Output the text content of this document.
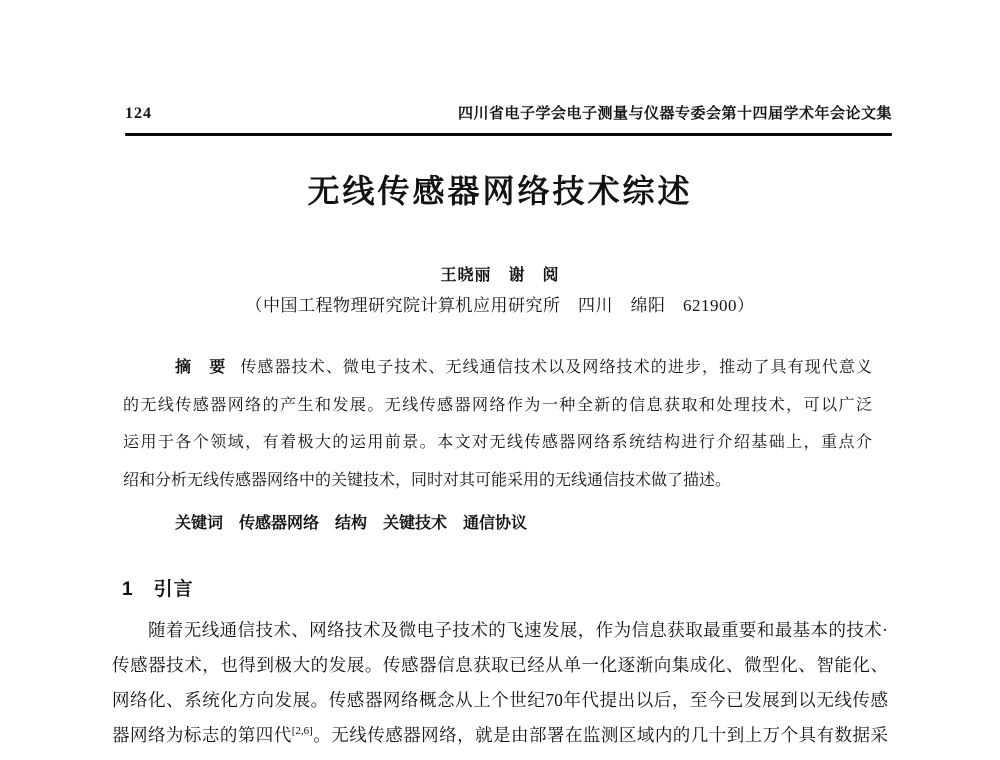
124	四川省电子学会电子测量与仪器专委会第十四届学术年会论文集
无线传感器网络技术综述
王晓丽　谢　阅
（中国工程物理研究院计算机应用研究所　四川　绵阳　621900）
摘　要 传感器技术、微电子技术、无线通信技术以及网络技术的进步，推动了具有现代意义
的无线传感器网络的产生和发展。无线传感器网络作为一种全新的信息获取和处理技术，可以广泛
运用于各个领域，有着极大的运用前景。本文对无线传感器网络系统结构进行介绍基础上，重点介
绍和分析无线传感器网络中的关键技术，同时对其可能采用的无线通信技术做了描述。
关键词 传感器网络　结构　关键技术　通信协议
1 引言
随着无线通信技术、网络技术及微电子技术的飞速发展，作为信息获取最重要和最基本的技术·
传感器技术，也得到极大的发展。传感器信息获取已经从单一化逐渐向集成化、微型化、智能化、
网络化、系统化方向发展。传感器网络概念从上个世纪70年代提出以后，至今已发展到以无线传感
器网络为标志的第四代[2,6]。无线传感器网络，就是由部署在监测区域内的几十到上万个具有数据采
